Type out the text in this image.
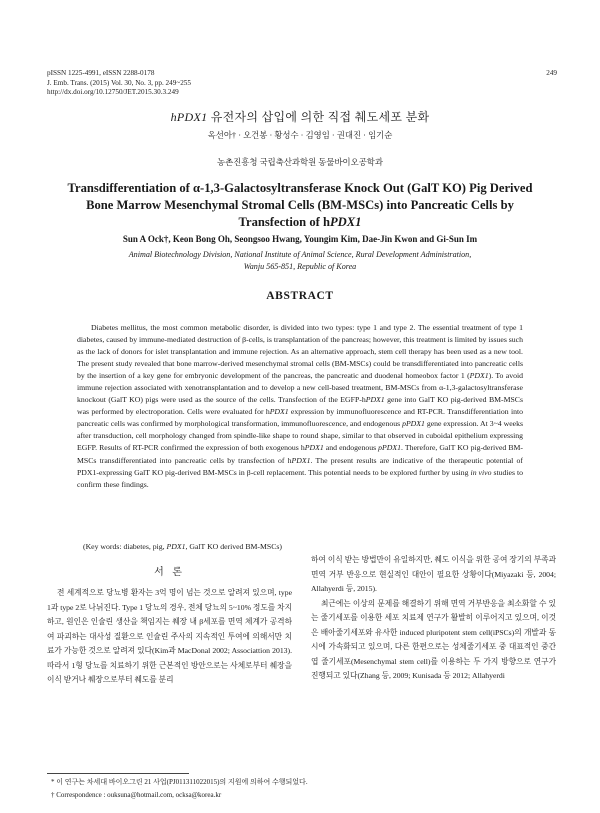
pISSN 1225-4991, eISSN 2288-0178
J. Emb. Trans. (2015) Vol. 30, No. 3, pp. 249~255
http://dx.doi.org/10.12750/JET.2015.30.3.249
249
hPDX1 유전자의 삽입에 의한 직접 췌도세포 분화
옥선아† · 오건봉 · 황성수 · 김영임 · 권대진 · 임기순
농촌진흥청 국립축산과학원 동물바이오공학과
Transdifferentiation of α-1,3-Galactosyltransferase Knock Out (GalT KO) Pig Derived Bone Marrow Mesenchymal Stromal Cells (BM-MSCs) into Pancreatic Cells by Transfection of hPDX1
Sun A Ock†, Keon Bong Oh, Seongsoo Hwang, Youngim Kim, Dae-Jin Kwon and Gi-Sun Im
Animal Biotechnology Division, National Institute of Animal Science, Rural Development Administration,
Wanju 565-851, Republic of Korea
ABSTRACT
Diabetes mellitus, the most common metabolic disorder, is divided into two types: type 1 and type 2. The essential treatment of type 1 diabetes, caused by immune-mediated destruction of β-cells, is transplantation of the pancreas; however, this treatment is limited by issues such as the lack of donors for islet transplantation and immune rejection. As an alternative approach, stem cell therapy has been used as a new tool. The present study revealed that bone marrow-derived mesenchymal stromal cells (BM-MSCs) could be transdifferentiated into pancreatic cells by the insertion of a key gene for embryonic development of the pancreas, the pancreatic and duodenal homeobox factor 1 (PDX1). To avoid immune rejection associated with xenotransplantation and to develop a new cell-based treatment, BM-MSCs from α-1,3-galactosyltransferase knockout (GalT KO) pigs were used as the source of the cells. Transfection of the EGFP-hPDX1 gene into GalT KO pig-derived BM-MSCs was performed by electroporation. Cells were evaluated for hPDX1 expression by immunofluorescence and RT-PCR. Transdifferentiation into pancreatic cells was confirmed by morphological transformation, immunofluorescence, and endogenous pPDX1 gene expression. At 3~4 weeks after transduction, cell morphology changed from spindle-like shape to round shape, similar to that observed in cuboidal epithelium expressing EGFP. Results of RT-PCR confirmed the expression of both exogenous hPDX1 and endogenous pPDX1. Therefore, GalT KO pig-derived BM-MSCs transdifferentiated into pancreatic cells by transfection of hPDX1. The present results are indicative of the therapeutic potential of PDX1-expressing GalT KO pig-derived BM-MSCs in β-cell replacement. This potential needs to be explored further by using in vivo studies to confirm these findings.
(Key words: diabetes, pig, PDX1, GalT KO derived BM-MSCs)
서 론

전 세계적으로 당뇨병 환자는 3억 명이 넘는 것으로 알려져 있으며, type 1과 type 2로 나뉘진다. Type 1 당뇨의 경우, 전체 당뇨의 5~10% 정도를 차지하고, 원인은 인슐린 생산을 책임지는 췌장 내 β세포를 면역 체계가 공격하여 파괴하는 대사성 질환으로 인슐린 주사의 지속적인 투여에 의해서만 치료가 가능한 것으로 알려져 있다(Kim과 MacDonal 2002; Associattion 2013). 따라서 1형 당뇨를 치료하기 위한 근본적인 방안으로는 사체로부터 췌장을 이식 받거나 췌장으로부터 췌도를 분리

하여 이식 받는 방법만이 유일하지만, 췌도 이식을 위한 공여 장기의 부족과 면역 거부 반응으로 현실적인 대안이 필요한 상황이다(Miyazaki 등, 2004; Allahyerdi 등, 2015).

최근에는 이상의 문제를 해결하기 위해 면역 거부반응을 최소화할 수 있는 줄기세포를 이용한 세포 치료제 연구가 활발히 이루어지고 있으며, 이것은 배아줄기세포와 유사한 induced pluripotent stem cell(iPSCs)의 개발과 동시에 가속화되고 있으며, 다른 한편으로는 성체줄기세포 중 대표적인 중간엽 줄기세포(Mesenchymal stem cell)를 이용하는 두 가지 방향으로 연구가 진행되고 있다(Zhang 등, 2009; Kunisada 등 2012; Allahyerdi

* 이 연구는 차세대 바이오그린 21 사업(PJ011311022015)의 지원에 의하여 수행되었다.
† Correspondence : ouksuna@hotmail.com, ocksa@korea.kr
